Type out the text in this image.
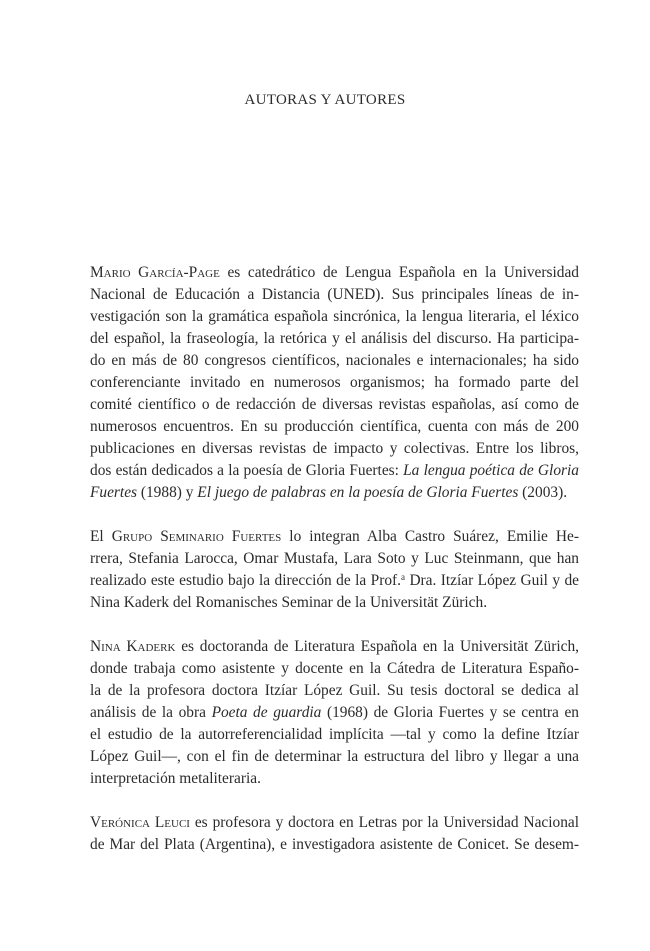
AUTORAS Y AUTORES
Mario García-Page es catedrático de Lengua Española en la Universidad
Nacional de Educación a Distancia (UNED). Sus principales líneas de in-
vestigación son la gramática española sincrónica, la lengua literaria, el léxico
del español, la fraseología, la retórica y el análisis del discurso. Ha participa-
do en más de 80 congresos científicos, nacionales e internacionales; ha sido
conferenciante invitado en numerosos organismos; ha formado parte del
comité científico o de redacción de diversas revistas españolas, así como de
numerosos encuentros. En su producción científica, cuenta con más de 200
publicaciones en diversas revistas de impacto y colectivas. Entre los libros,
dos están dedicados a la poesía de Gloria Fuertes: La lengua poética de Gloria
Fuertes (1988) y El juego de palabras en la poesía de Gloria Fuertes (2003).
El Grupo Seminario Fuertes lo integran Alba Castro Suárez, Emilie He-
rrera, Stefania Larocca, Omar Mustafa, Lara Soto y Luc Steinmann, que han
realizado este estudio bajo la dirección de la Prof.$^a$ Dra. Itzíar López Guil y de
Nina Kaderk del Romanisches Seminar de la Universität Zürich.
Nina Kaderk es doctoranda de Literatura Española en la Universität Zürich,
donde trabaja como asistente y docente en la Cátedra de Literatura Españo-
la de la profesora doctora Itzíar López Guil. Su tesis doctoral se dedica al
análisis de la obra Poeta de guardia (1968) de Gloria Fuertes y se centra en
el estudio de la autorreferencialidad implícita —tal y como la define Itzíar
López Guil—, con el fin de determinar la estructura del libro y llegar a una
interpretación metaliteraria.
Verónica Leuci es profesora y doctora en Letras por la Universidad Nacional
de Mar del Plata (Argentina), e investigadora asistente de Conicet. Se desem-
